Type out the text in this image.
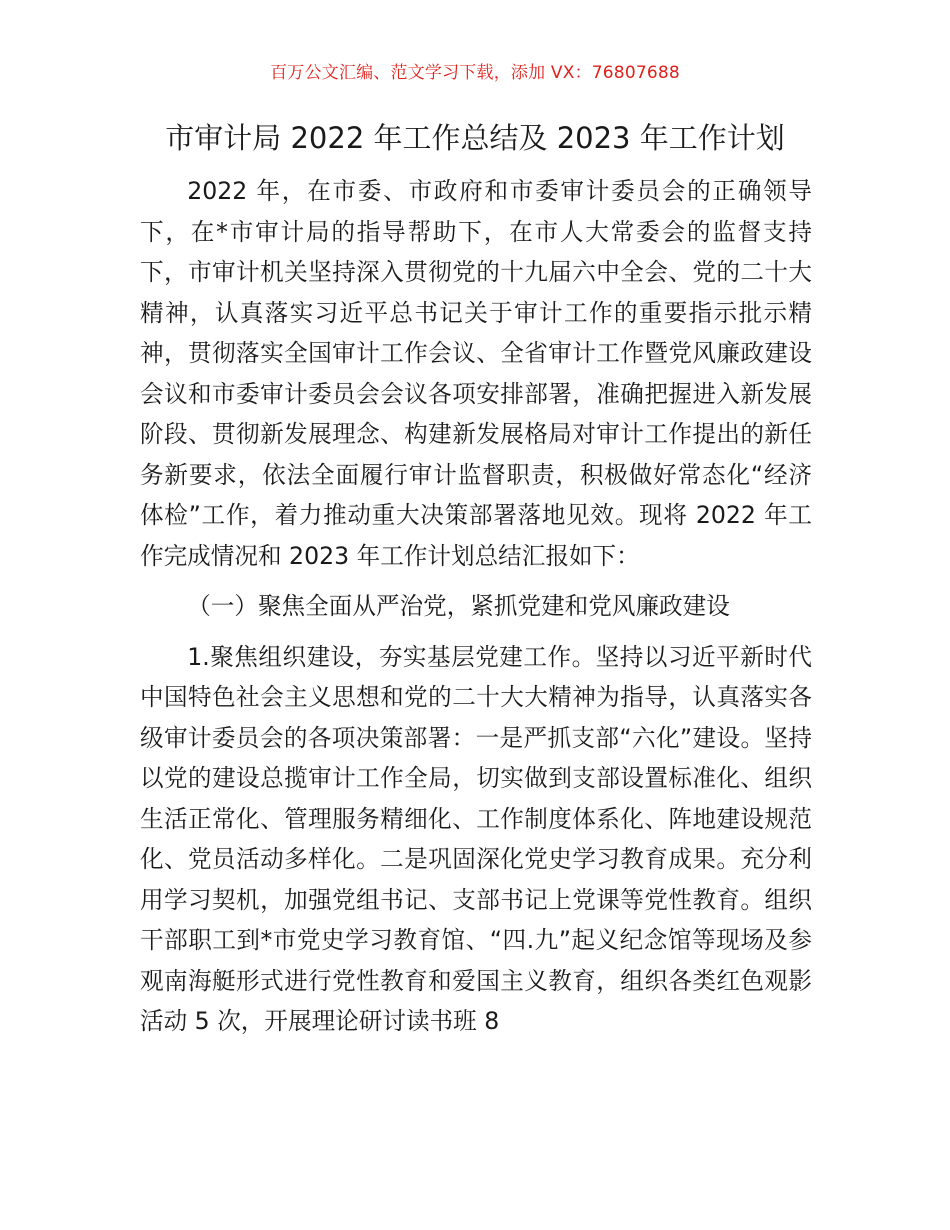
百万公文汇编、范文学习下载，添加 VX：76807688
市审计局 2022 年工作总结及 2023 年工作计划

2022 年，在市委、市政府和市委审计委员会的正确领导下，在*市审计局的指导帮助下，在市人大常委会的监督支持下，市审计机关坚持深入贯彻党的十九届六中全会、党的二十大精神，认真落实习近平总书记关于审计工作的重要指示批示精神，贯彻落实全国审计工作会议、全省审计工作暨党风廉政建设会议和市委审计委员会会议各项安排部署，准确把握进入新发展阶段、贯彻新发展理念、构建新发展格局对审计工作提出的新任务新要求，依法全面履行审计监督职责，积极做好常态化“经济体检”工作，着力推动重大决策部署落地见效。现将 2022 年工作完成情况和 2023 年工作计划总结汇报如下：

（一）聚焦全面从严治党，紧抓党建和党风廉政建设

1.聚焦组织建设，夯实基层党建工作。坚持以习近平新时代中国特色社会主义思想和党的二十大大精神为指导，认真落实各级审计委员会的各项决策部署：一是严抓支部“六化”建设。坚持以党的建设总揽审计工作全局，切实做到支部设置标准化、组织生活正常化、管理服务精细化、工作制度体系化、阵地建设规范化、党员活动多样化。二是巩固深化党史学习教育成果。充分利用学习契机，加强党组书记、支部书记上党课等党性教育。组织干部职工到*市党史学习教育馆、“四.九”起义纪念馆等现场及参观南海艇形式进行党性教育和爱国主义教育，组织各类红色观影活动 5 次，开展理论研讨读书班 8
